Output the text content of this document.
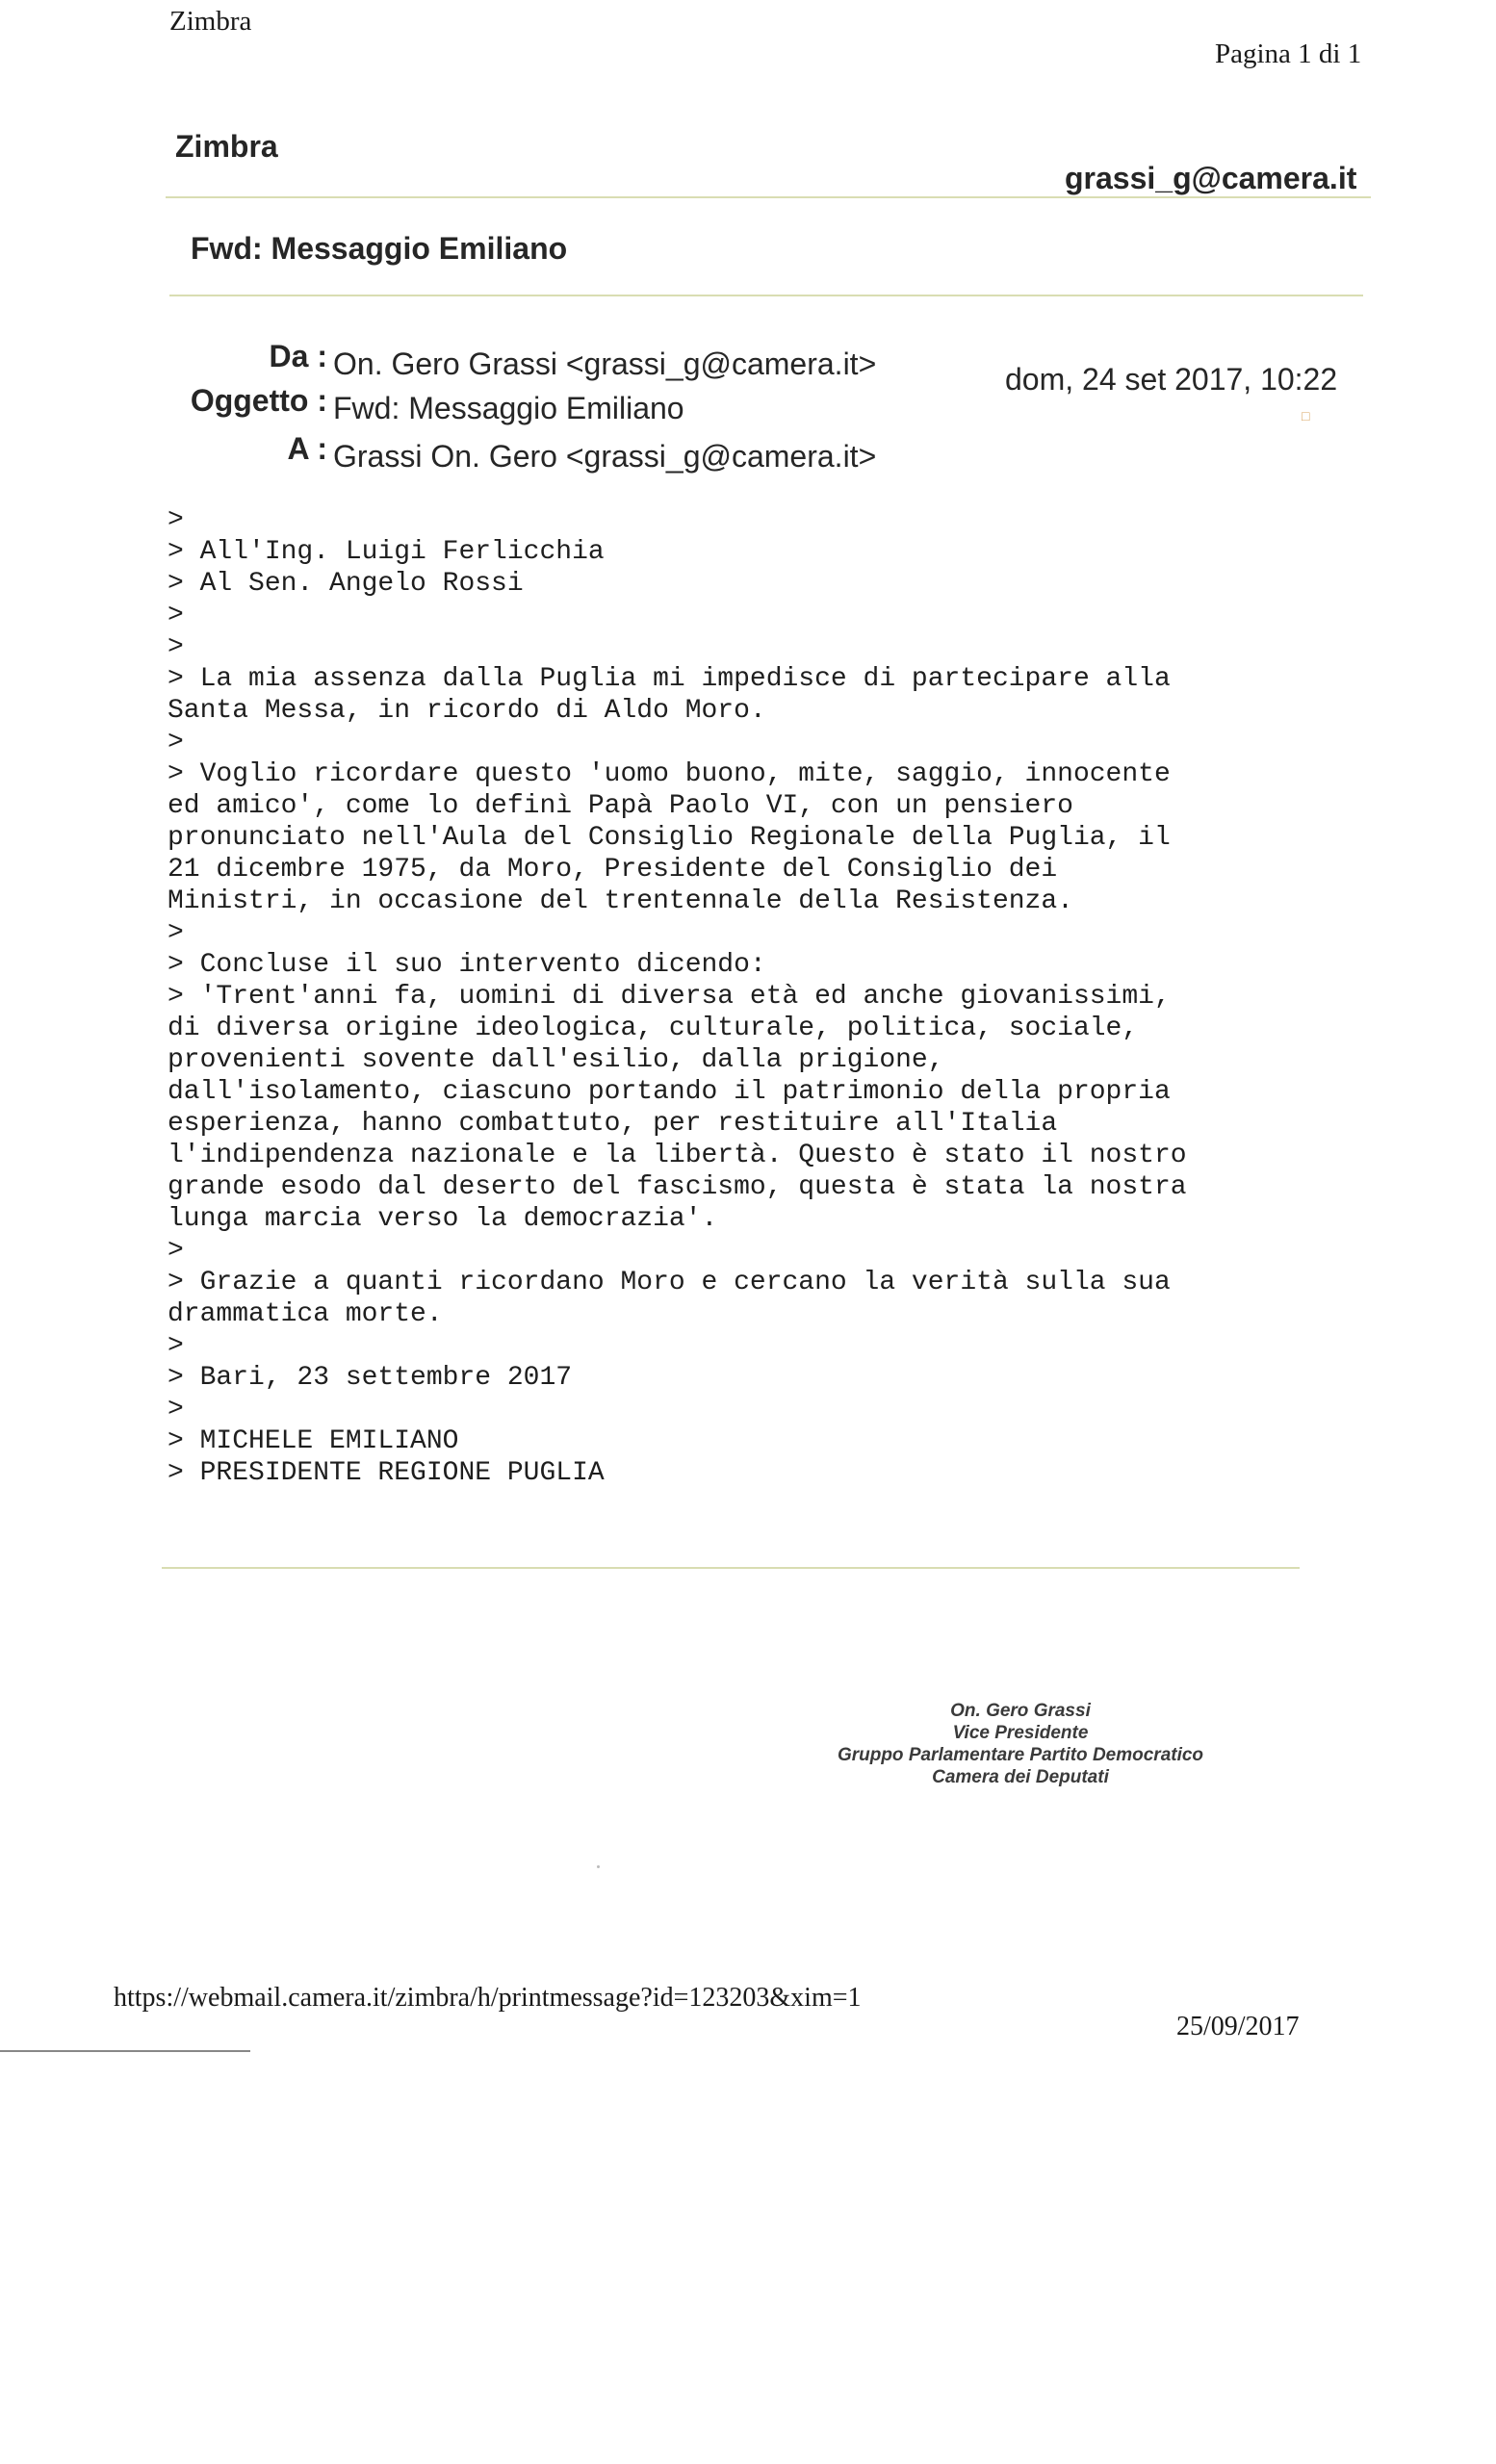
Zimbra
Pagina 1 di 1
Zimbra
grassi_g@camera.it
Fwd: Messaggio Emiliano
Da : On. Gero Grassi <grassi_g@camera.it>
Oggetto : Fwd: Messaggio Emiliano
A : Grassi On. Gero <grassi_g@camera.it>
dom, 24 set 2017, 10:22
□
>
> All'Ing. Luigi Ferlicchia
> Al Sen. Angelo Rossi
>
>
> La mia assenza dalla Puglia mi impedisce di partecipare alla
Santa Messa, in ricordo di Aldo Moro.
>
> Voglio ricordare questo 'uomo buono, mite, saggio, innocente
ed amico', come lo definì Papà Paolo VI, con un pensiero
pronunciato nell'Aula del Consiglio Regionale della Puglia, il
21 dicembre 1975, da Moro, Presidente del Consiglio dei
Ministri, in occasione del trentennale della Resistenza.
>
> Concluse il suo intervento dicendo:
> 'Trent'anni fa, uomini di diversa età ed anche giovanissimi,
di diversa origine ideologica, culturale, politica, sociale,
provenienti sovente dall'esilio, dalla prigione,
dall'isolamento, ciascuno portando il patrimonio della propria
esperienza, hanno combattuto, per restituire all'Italia
l'indipendenza nazionale e la libertà. Questo è stato il nostro
grande esodo dal deserto del fascismo, questa è stata la nostra
lunga marcia verso la democrazia'.
>
> Grazie a quanti ricordano Moro e cercano la verità sulla sua
drammatica morte.
>
> Bari, 23 settembre 2017
>
> MICHELE EMILIANO
> PRESIDENTE REGIONE PUGLIA
On. Gero Grassi
Vice Presidente
Gruppo Parlamentare Partito Democratico
Camera dei Deputati
https://webmail.camera.it/zimbra/h/printmessage?id=123203&xim=1
25/09/2017
